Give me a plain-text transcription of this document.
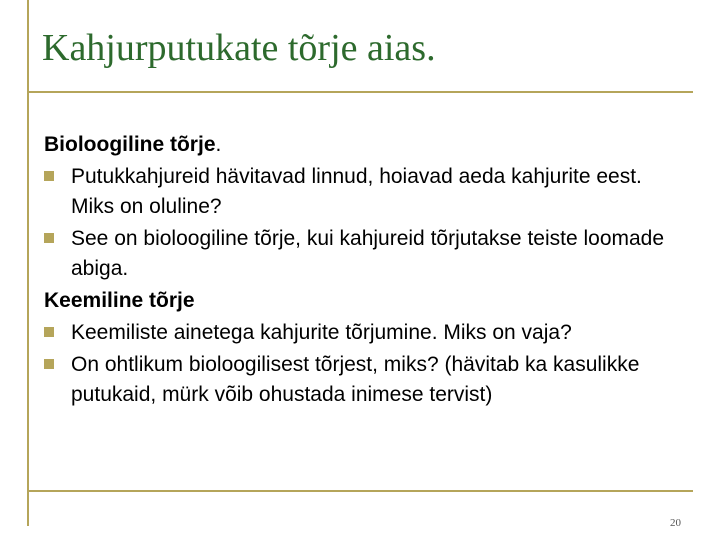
Kahjurputukate tõrje aias.

Bioloogiline tõrje.

Putukkahjureid hävitavad linnud, hoiavad aeda kahjurite eest. Miks on oluline?
See on bioloogiline tõrje, kui kahjureid tõrjutakse teiste loomade abiga.

Keemiline tõrje

Keemiliste ainetega kahjurite tõrjumine. Miks on vaja?
On ohtlikum bioloogilisest tõrjest, miks? (hävitab ka kasulikke putukaid, mürk võib ohustada inimese tervist)
20
